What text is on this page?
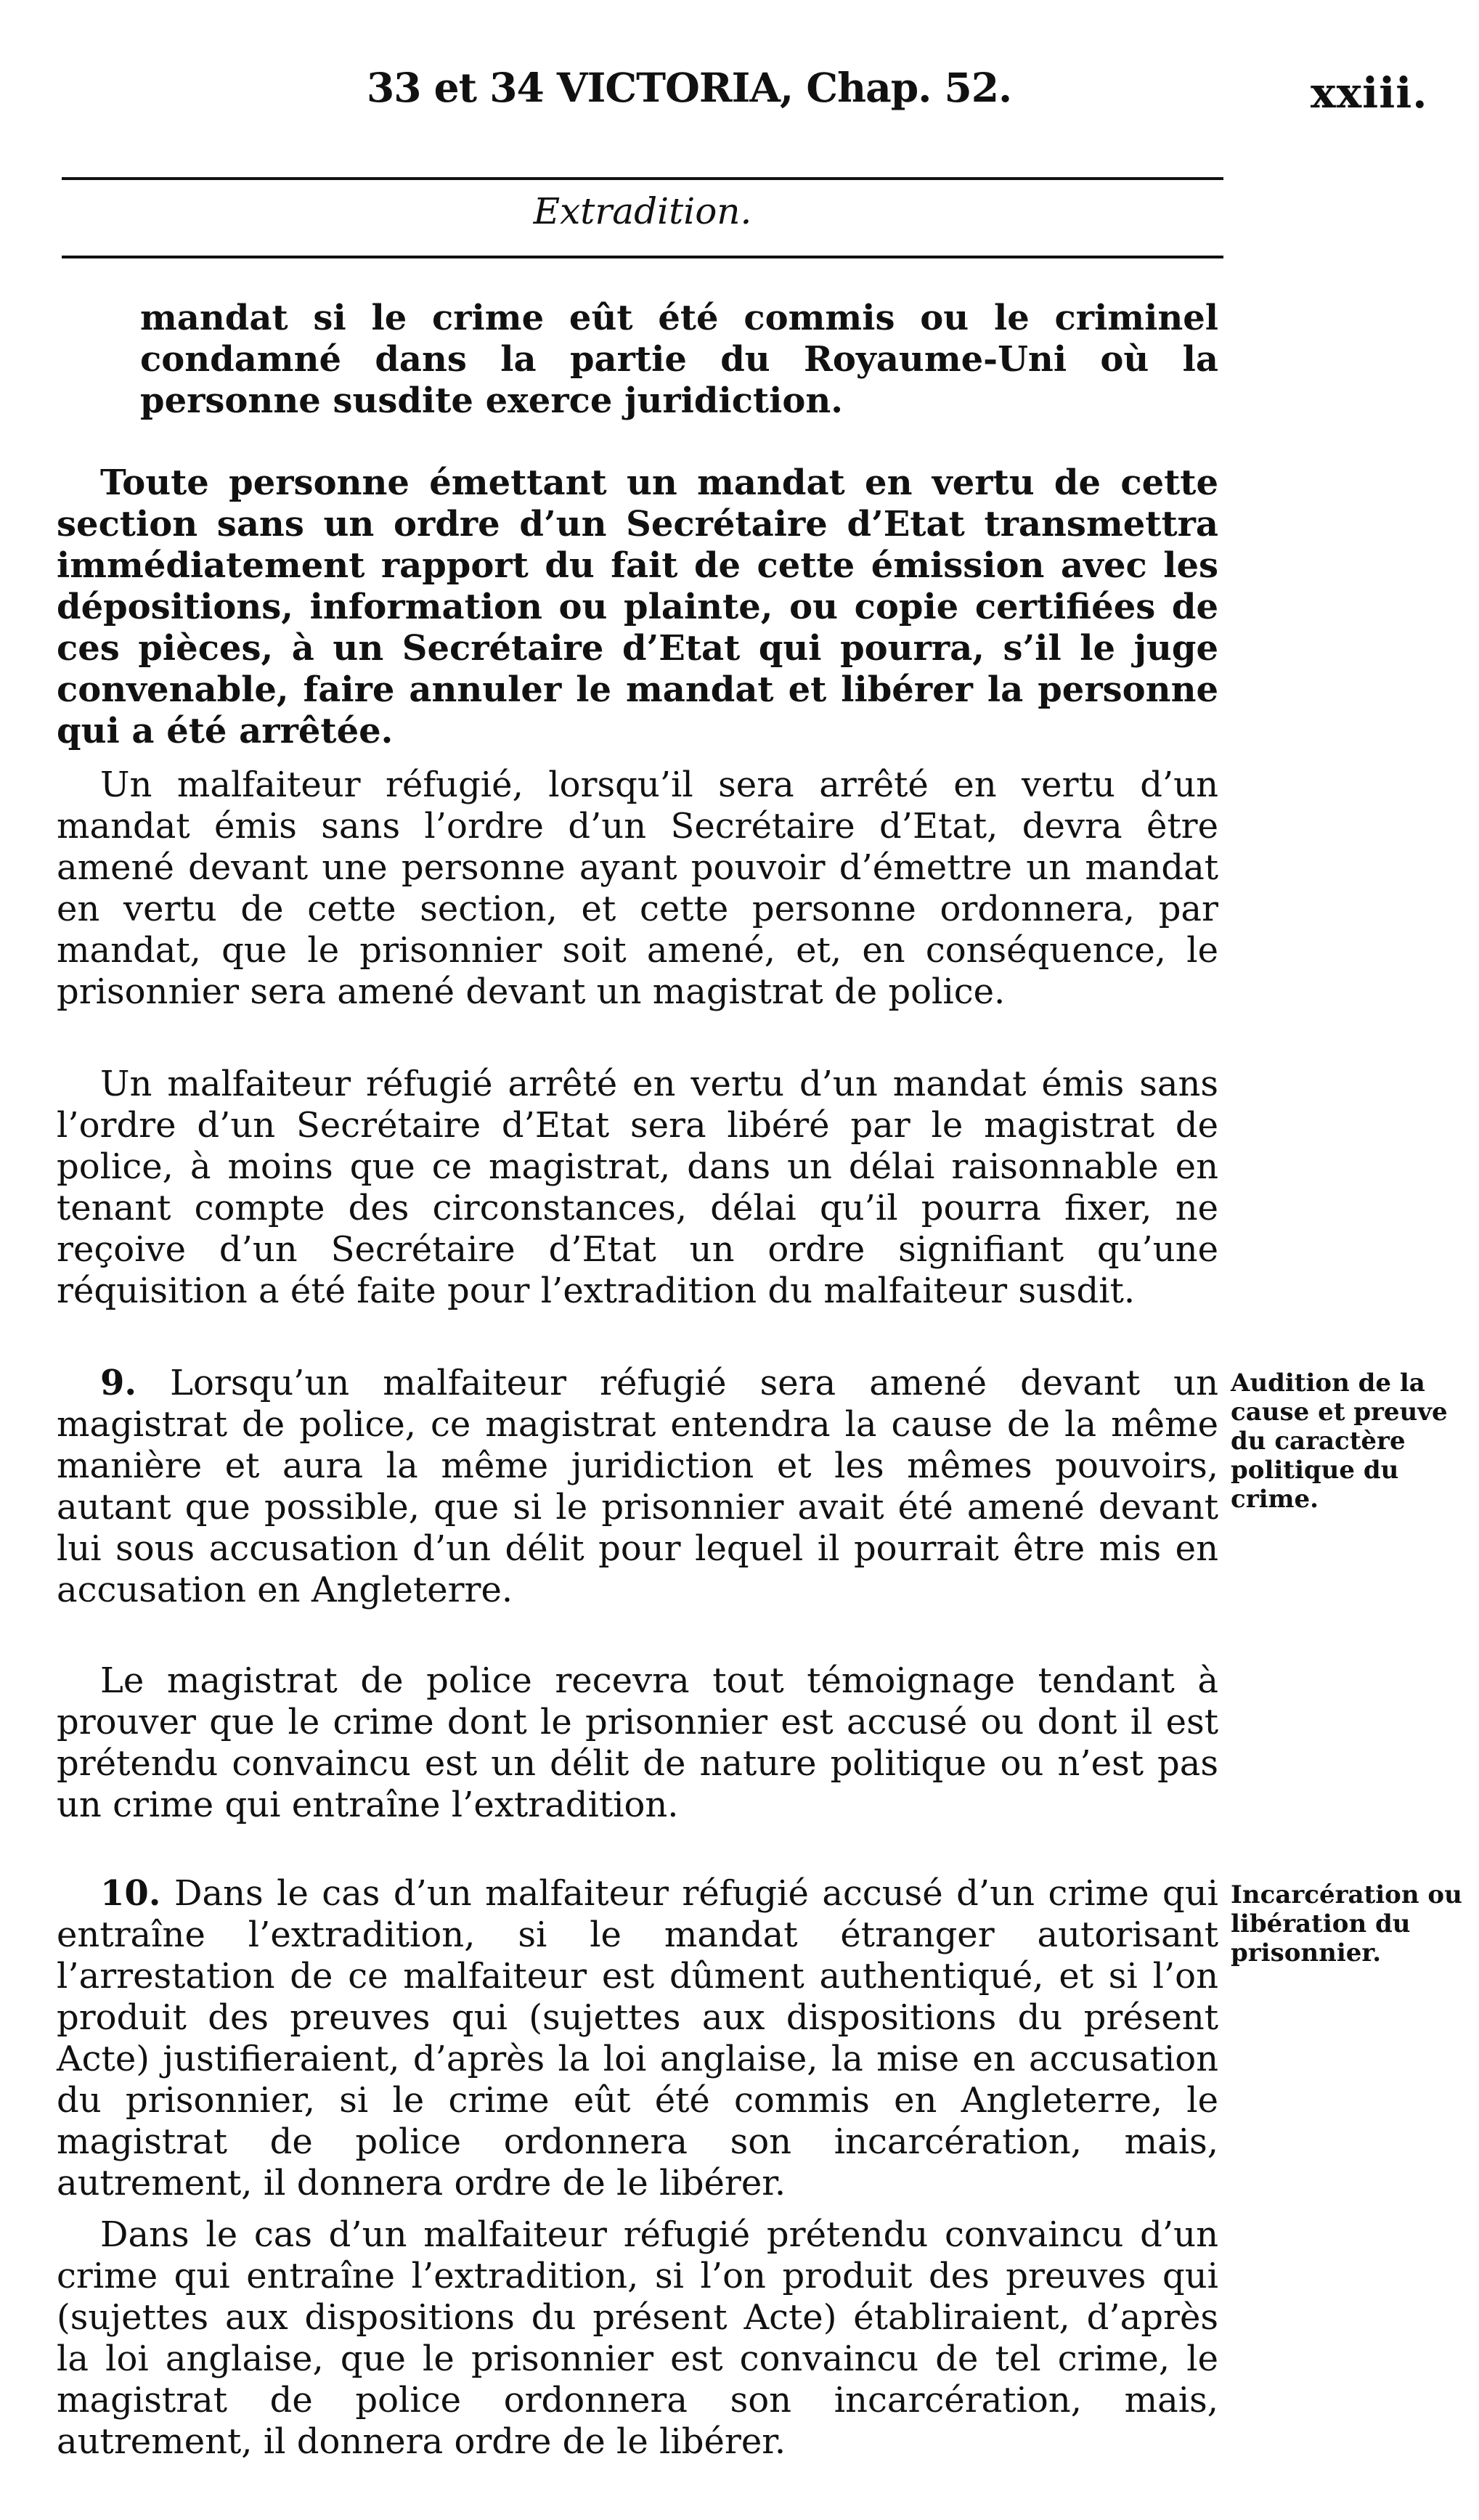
33 et 34 VICTORIA, Chap. 52.	xxiii.
Extradition.

mandat si le crime eût été commis ou le criminel condamné dans la partie du Royaume-Uni où la personne susdite exerce juridiction.

Toute personne émettant un mandat en vertu de cette section sans un ordre d’un Secrétaire d’Etat transmettra immédiatement rapport du fait de cette émission avec les dépositions, information ou plainte, ou copie certifiées de ces pièces, à un Secrétaire d’Etat qui pourra, s’il le juge convenable, faire annuler le mandat et libérer la personne qui a été arrêtée.

Un malfaiteur réfugié, lorsqu’il sera arrêté en vertu d’un mandat émis sans l’ordre d’un Secrétaire d’Etat, devra être amené devant une personne ayant pouvoir d’émettre un mandat en vertu de cette section, et cette personne ordonnera, par mandat, que le prisonnier soit amené, et, en conséquence, le prisonnier sera amené devant un magistrat de police.

Un malfaiteur réfugié arrêté en vertu d’un mandat émis sans l’ordre d’un Secrétaire d’Etat sera libéré par le magistrat de police, à moins que ce magistrat, dans un délai raisonnable en tenant compte des circonstances, délai qu’il pourra fixer, ne reçoive d’un Secrétaire d’Etat un ordre signifiant qu’une réquisition a été faite pour l’extradition du malfaiteur susdit.

9. Lorsqu’un malfaiteur réfugié sera amené devant un magistrat de police, ce magistrat entendra la cause de la même manière et aura la même juridiction et les mêmes pouvoirs, autant que possible, que si le prisonnier avait été amené devant lui sous accusation d’un délit pour lequel il pourrait être mis en accusation en Angleterre.

Le magistrat de police recevra tout témoignage tendant à prouver que le crime dont le prisonnier est accusé ou dont il est prétendu convaincu est un délit de nature politique ou n’est pas un crime qui entraîne l’extradition.

10. Dans le cas d’un malfaiteur réfugié accusé d’un crime qui entraîne l’extradition, si le mandat étranger autorisant l’arrestation de ce malfaiteur est dûment authentiqué, et si l’on produit des preuves qui (sujettes aux dispositions du présent Acte) justifieraient, d’après la loi anglaise, la mise en accusation du prisonnier, si le crime eût été commis en Angleterre, le magistrat de police ordonnera son incarcération, mais, autrement, il donnera ordre de le libérer.

Dans le cas d’un malfaiteur réfugié prétendu convaincu d’un crime qui entraîne l’extradition, si l’on produit des preuves qui (sujettes aux dispositions du présent Acte) établiraient, d’après la loi anglaise, que le prisonnier est convaincu de tel crime, le magistrat de police ordonnera son incarcération, mais, autrement, il donnera ordre de le libérer.

Audition de la cause et preuve du caractère politique du crime.
Incarcération ou libération du prisonnier.
